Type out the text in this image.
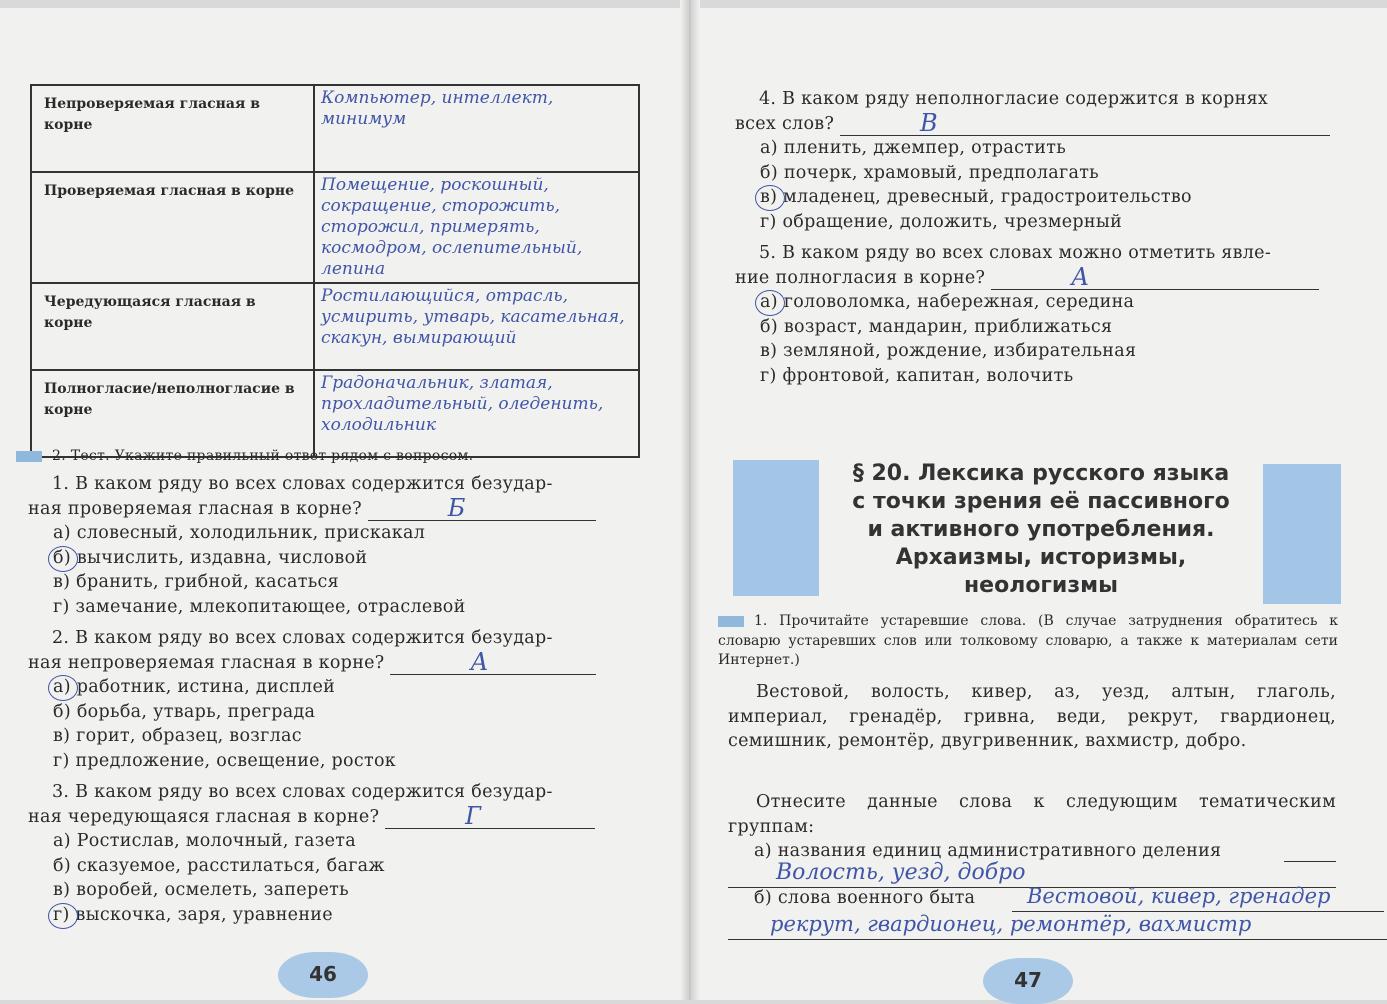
Непроверяемая гласная в корне	Компьютер, интеллект, минимум
Проверяемая гласная в корне	Помещение, роскошный, сокращение, сторожить, сторожил, примерять, космодром, ослепительный, лепина
Чередующаяся гласная в корне	Ростилающийся, отрасль, усмирить, утварь, касательная, скакун, вымирающий
Полногласие/неполногласие в корне	Градоначальник, златая, прохладительный, оледенить, холодильник
2. Тест. Укажите правильный ответ рядом с вопросом.
1. В каком ряду во всех словах содержится безудар-
ная проверяемая гласная в корне?	Б
а) словесный, холодильник, прискакал
б) вычислить, издавна, числовой
в) бранить, грибной, касаться
г) замечание, млекопитающее, отраслевой
2. В каком ряду во всех словах содержится безудар-
ная непроверяемая гласная в корне?	А
а) работник, истина, дисплей
б) борьба, утварь, преграда
в) горит, образец, возглас
г) предложение, освещение, росток
3. В каком ряду во всех словах содержится безудар-
ная чередующаяся гласная в корне?	Г
а) Ростислав, молочный, газета
б) сказуемое, расстилаться, багаж
в) воробей, осмелеть, запереть
г) выскочка, заря, уравнение
4. В каком ряду неполногласие содержится в корнях
всех слов?	В
а) пленить, джемпер, отрастить
б) почерк, храмовый, предполагать
в) младенец, древесный, градостроительство
г) обращение, доложить, чрезмерный
5. В каком ряду во всех словах можно отметить явле-
ние полногласия в корне?	А
а) головоломка, набережная, середина
б) возраст, мандарин, приближаться
в) земляной, рождение, избирательная
г) фронтовой, капитан, волочить
§ 20. Лексика русского языка
с точки зрения её пассивного
и активного употребления.
Архаизмы, историзмы,
неологизмы
1. Прочитайте устаревшие слова. (В случае затруднения обратитесь к словарю устаревших слов или толковому словарю, а также к материалам сети Интернет.)
Вестовой, волость, кивер, аз, уезд, алтын, глаголь, империал, гренадёр, гривна, веди, рекрут, гвардионец, семишник, ремонтёр, двугривенник, вахмистр, добро.
Отнесите данные слова к следующим тематическим группам:
а) названия единиц административного деления
Волость, уезд, добро
б) слова военного быта	Вестовой, кивер, гренадер
рекрут, гвардионец, ремонтёр, вахмистр
46	47
